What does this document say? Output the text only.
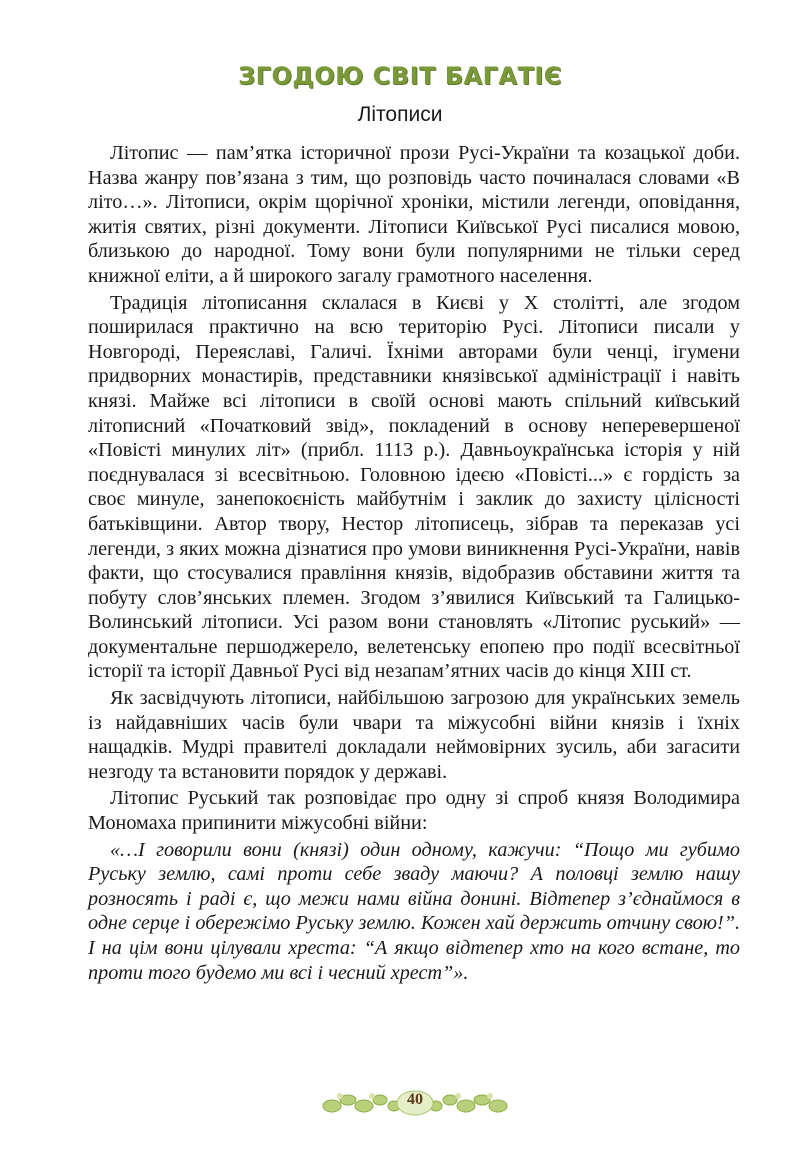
ЗГОДОЮ СВІТ БАГАТІЄ
Літописи

Літопис — пам’ятка історичної прози Русі-України та козацької доби. Назва жанру пов’язана з тим, що розповідь часто починалася словами «В літо…». Літописи, окрім щорічної хроніки, містили легенди, оповідання, житія святих, різні документи. Літописи Київської Русі писалися мовою, близькою до народної. Тому вони були популярними не тільки серед книжної еліти, а й широкого загалу грамотного населення.

Традиція літописання склалася в Києві у X столітті, але згодом поширилася практично на всю територію Русі. Літописи писали у Новгороді, Переяславі, Галичі. Їхніми авторами були ченці, ігумени придворних монастирів, представники князівської адміністрації і навіть князі. Майже всі літописи в своїй основі мають спільний київський літописний «Початковий звід», покладений в основу неперевершеної «Повісті минулих літ» (прибл. 1113 р.). Давньоукраїнська історія у ній поєднувалася зі всесвітньою. Головною ідеєю «Повісті...» є гордість за своє минуле, занепокоєність майбутнім і заклик до захисту цілісності батьківщини. Автор твору, Нестор літописець, зібрав та переказав усі легенди, з яких можна дізнатися про умови виникнення Русі-України, навів факти, що стосувалися правління князів, відобразив обставини життя та побуту слов’янських племен. Згодом з’явилися Київський та Галицько-Волинський літописи. Усі разом вони становлять «Літопис руський» — документальне першоджерело, велетенську епопею про події всесвітньої історії та історії Давньої Русі від незапам’ятних часів до кінця XIII ст.

Як засвідчують літописи, найбільшою загрозою для українських земель із найдавніших часів були чвари та міжусобні війни князів і їхніх нащадків. Мудрі правителі докладали неймовірних зусиль, аби загасити незгоду та встановити порядок у державі.

Літопис Руський так розповідає про одну зі спроб князя Володимира Мономаха припинити міжусобні війни:

«…І говорили вони (князі) один одному, кажучи: “Пощо ми губимо Руську землю, самі проти себе зваду маючи? А половці землю нашу розносять і раді є, що межи нами війна донині. Відтепер з’єднаймося в одне серце і обережімо Руську землю. Кожен хай держить отчину свою!”. І на цім вони цілували хреста: “А якщо відтепер хто на кого встане, то проти того будемо ми всі і чесний хрест”».

40
